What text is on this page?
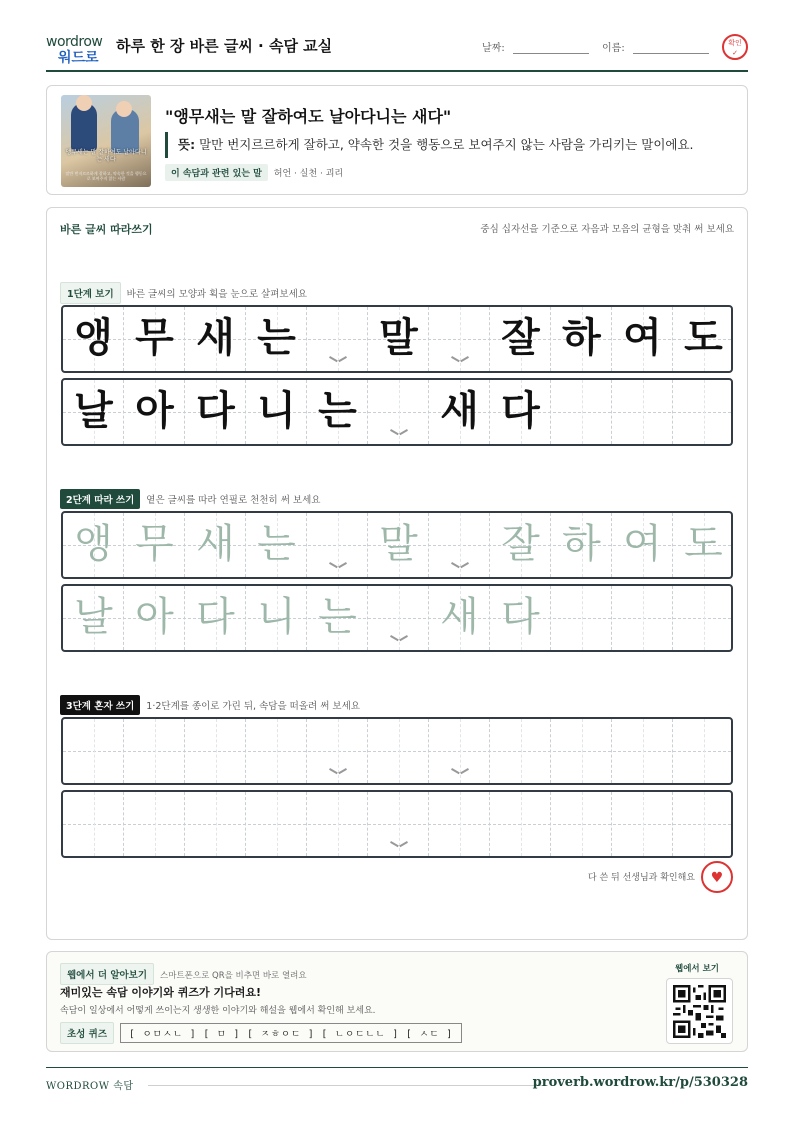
wordrow
워드로
하루 한 장 바른 글씨 · 속담 교실	날짜:	이름:	확인
✓
앵무새는 말 잘하여도 날아다니는 새다
말만 번지르르하게 잘하고, 약속한 것을 행동으로 보여주지 않는 사람
"앵무새는 말 잘하여도 날아다니는 새다"
뜻: 말만 번지르르하게 잘하고, 약속한 것을 행동으로 보여주지 않는 사람을 가리키는 말이에요.
이 속담과 관련 있는 말 허언 · 실천 · 괴리
바른 글씨 따라쓰기	중심 십자선을 기준으로 자음과 모음의 균형을 맞춰 써 보세요
1단계 보기 바른 글씨의 모양과 획을 눈으로 살펴보세요
앵 무 새 는 말 잘 하 여 도
날 아 다 니 는 새 다
2단계 따라 쓰기 옅은 글씨를 따라 연필로 천천히 써 보세요
앵 무 새 는 말 잘 하 여 도
날 아 다 니 는 새 다
3단계 혼자 쓰기 1·2단계를 종이로 가린 뒤, 속담을 떠올려 써 보세요
다 쓴 뒤 선생님과 확인해요	♥
웹에서 더 알아보기 스마트폰으로 QR을 비추면 바로 열려요
재미있는 속담 이야기와 퀴즈가 기다려요!
속담이 일상에서 어떻게 쓰이는지 생생한 이야기와 해설을 웹에서 확인해 보세요.
초성 퀴즈 [ ㅇㅁㅅㄴ ] [ ㅁ ] [ ㅈㅎㅇㄷ ] [ ㄴㅇㄷㄴㄴ ] [ ㅅㄷ ]
웹에서 보기
WORDROW 속담	proverb.wordrow.kr/p/530328
